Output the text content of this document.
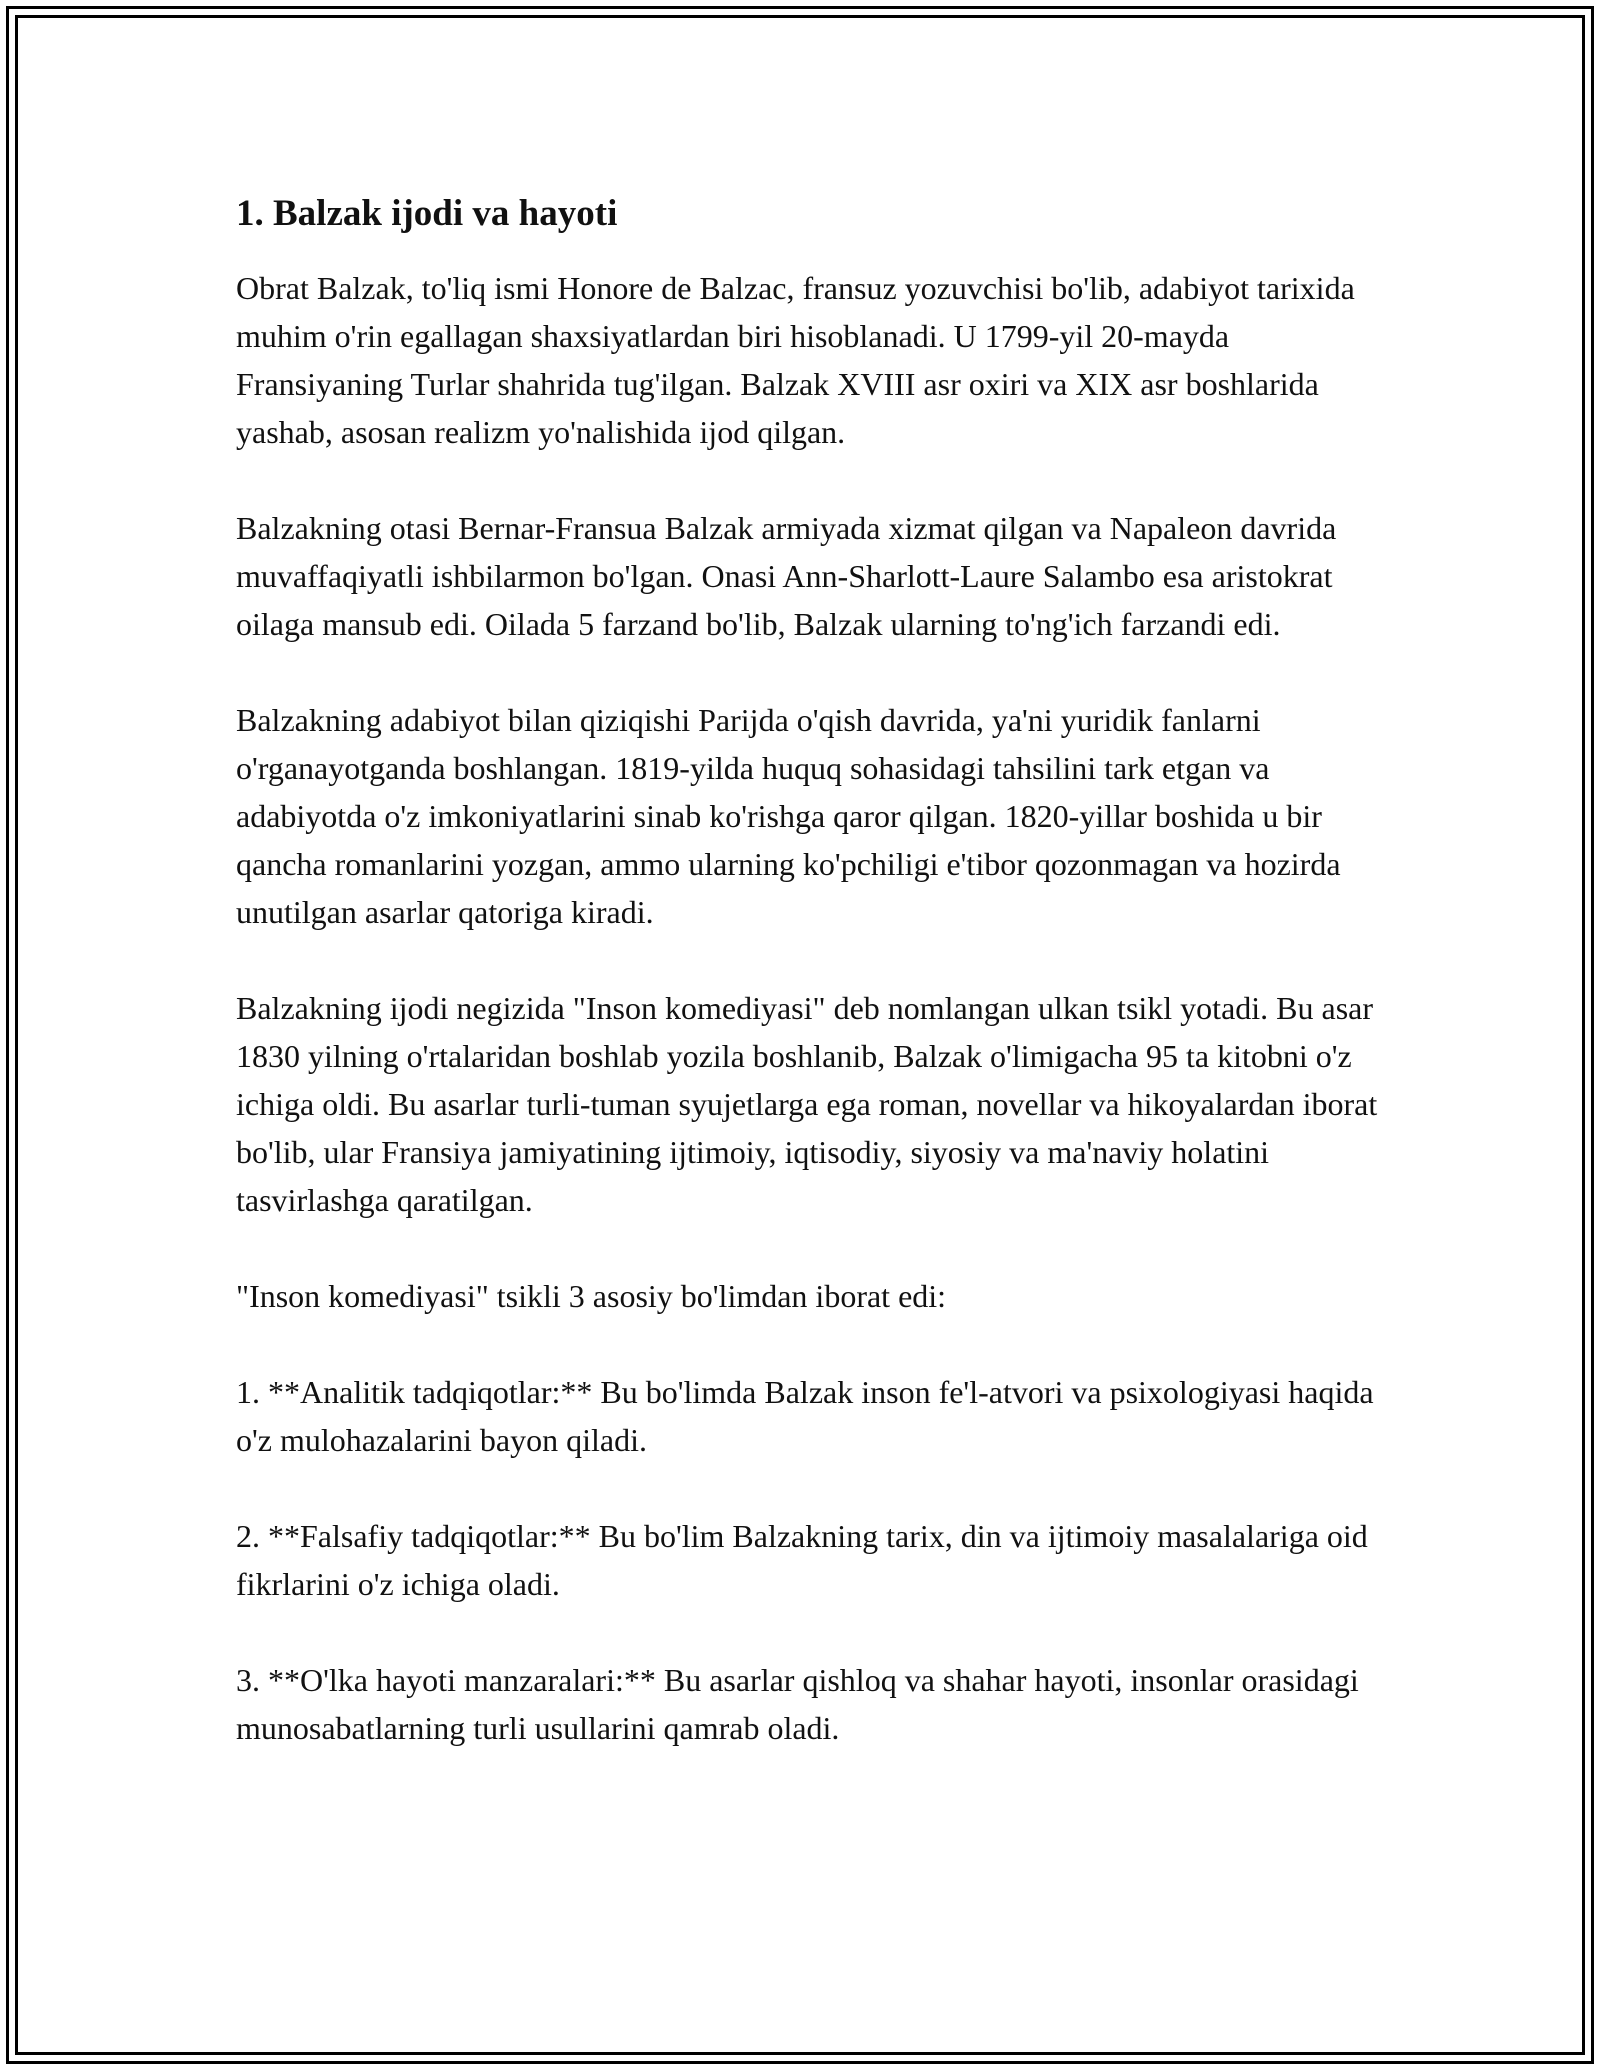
1. Balzak ijodi va hayoti

Obrat Balzak, to'liq ismi Honore de Balzac, fransuz yozuvchisi bo'lib, adabiyot tarixida muhim o'rin egallagan shaxsiyatlardan biri hisoblanadi. U 1799-yil 20-mayda Fransiyaning Turlar shahrida tug'ilgan. Balzak XVIII asr oxiri va XIX asr boshlarida yashab, asosan realizm yo'nalishida ijod qilgan.

Balzakning otasi Bernar-Fransua Balzak armiyada xizmat qilgan va Napaleon davrida muvaffaqiyatli ishbilarmon bo'lgan. Onasi Ann-Sharlott-Laure Salambo esa aristokrat oilaga mansub edi. Oilada 5 farzand bo'lib, Balzak ularning to'ng'ich farzandi edi.

Balzakning adabiyot bilan qiziqishi Parijda o'qish davrida, ya'ni yuridik fanlarni o'rganayotganda boshlangan. 1819-yilda huquq sohasidagi tahsilini tark etgan va adabiyotda o'z imkoniyatlarini sinab ko'rishga qaror qilgan. 1820-yillar boshida u bir qancha romanlarini yozgan, ammo ularning ko'pchiligi e'tibor qozonmagan va hozirda unutilgan asarlar qatoriga kiradi.

Balzakning ijodi negizida "Inson komediyasi" deb nomlangan ulkan tsikl yotadi. Bu asar 1830 yilning o'rtalaridan boshlab yozila boshlanib, Balzak o'limigacha 95 ta kitobni o'z ichiga oldi. Bu asarlar turli-tuman syujetlarga ega roman, novellar va hikoyalardan iborat bo'lib, ular Fransiya jamiyatining ijtimoiy, iqtisodiy, siyosiy va ma'naviy holatini tasvirlashga qaratilgan.

"Inson komediyasi" tsikli 3 asosiy bo'limdan iborat edi:

1. **Analitik tadqiqotlar:** Bu bo'limda Balzak inson fe'l-atvori va psixologiyasi haqida o'z mulohazalarini bayon qiladi.

2. **Falsafiy tadqiqotlar:** Bu bo'lim Balzakning tarix, din va ijtimoiy masalalariga oid fikrlarini o'z ichiga oladi.

3. **O'lka hayoti manzaralari:** Bu asarlar qishloq va shahar hayoti, insonlar orasidagi munosabatlarning turli usullarini qamrab oladi.
